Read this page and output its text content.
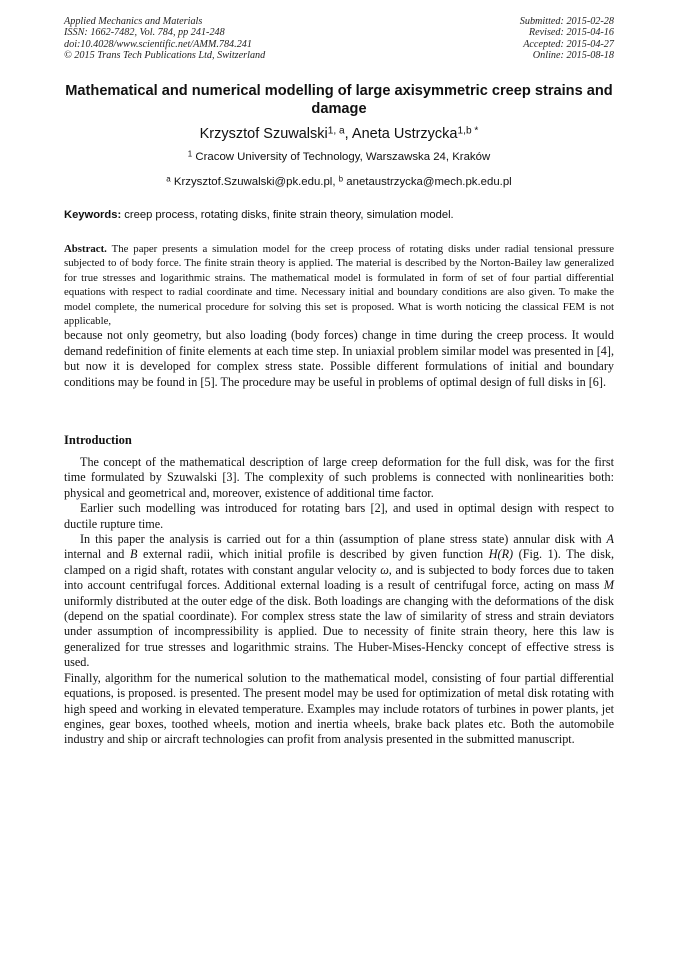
Applied Mechanics and Materials
ISSN: 1662-7482, Vol. 784, pp 241-248
doi:10.4028/www.scientific.net/AMM.784.241
© 2015 Trans Tech Publications Ltd, Switzerland
Submitted: 2015-02-28
Revised: 2015-04-16
Accepted: 2015-04-27
Online: 2015-08-18
Mathematical and numerical modelling of large axisymmetric creep strains and damage
Krzysztof Szuwalski$^{1, a}$, Aneta Ustrzycka$^{1,b *}$
$^1$ Cracow University of Technology, Warszawska 24, Kraków
$^a$ Krzysztof.Szuwalski@pk.edu.pl, $^b$ anetaustrzycka@mech.pk.edu.pl
Keywords: creep process, rotating disks, finite strain theory, simulation model.
Abstract. The paper presents a simulation model for the creep process of rotating disks under radial tensional pressure subjected to of body force. The finite strain theory is applied. The material is described by the Norton-Bailey law generalized for true stresses and logarithmic strains. The mathematical model is formulated in form of set of four partial differential equations with respect to radial coordinate and time. Necessary initial and boundary conditions are also given. To make the model complete, the numerical procedure for solving this set is proposed. What is worth noticing the classical FEM is not applicable,
because not only geometry, but also loading (body forces) change in time during the creep process. It would demand redefinition of finite elements at each time step. In uniaxial problem similar model was presented in [4], but now it is developed for complex stress state. Possible different formulations of initial and boundary conditions may be found in [5]. The procedure may be useful in problems of optimal design of full disks in [6].
Introduction

The concept of the mathematical description of large creep deformation for the full disk, was for the first time formulated by Szuwalski [3]. The complexity of such problems is connected with nonlinearities both: physical and geometrical and, moreover, existence of additional time factor.

Earlier such modelling was introduced for rotating bars [2], and used in optimal design with respect to ductile rupture time.

In this paper the analysis is carried out for a thin (assumption of plane stress state) annular disk with A internal and B external radii, which initial profile is described by given function H(R) (Fig. 1). The disk, clamped on a rigid shaft, rotates with constant angular velocity ω, and is subjected to body forces due to taken into account centrifugal forces. Additional external loading is a result of centrifugal force, acting on mass M uniformly distributed at the outer edge of the disk. Both loadings are changing with the deformations of the disk (depend on the spatial coordinate). For complex stress state the law of similarity of stress and strain deviators under assumption of incompressibility is applied. Due to necessity of finite strain theory, here this law is generalized for true stresses and logarithmic strains. The Huber-Mises-Hencky concept of effective stress is used.

Finally, algorithm for the numerical solution to the mathematical model, consisting of four partial differential equations, is proposed. is presented. The present model may be used for optimization of metal disk rotating with high speed and working in elevated temperature. Examples may include rotators of turbines in power plants, jet engines, gear boxes, toothed wheels, motion and inertia wheels, brake back plates etc. Both the automobile industry and ship or aircraft technologies can profit from analysis presented in the submitted manuscript.
